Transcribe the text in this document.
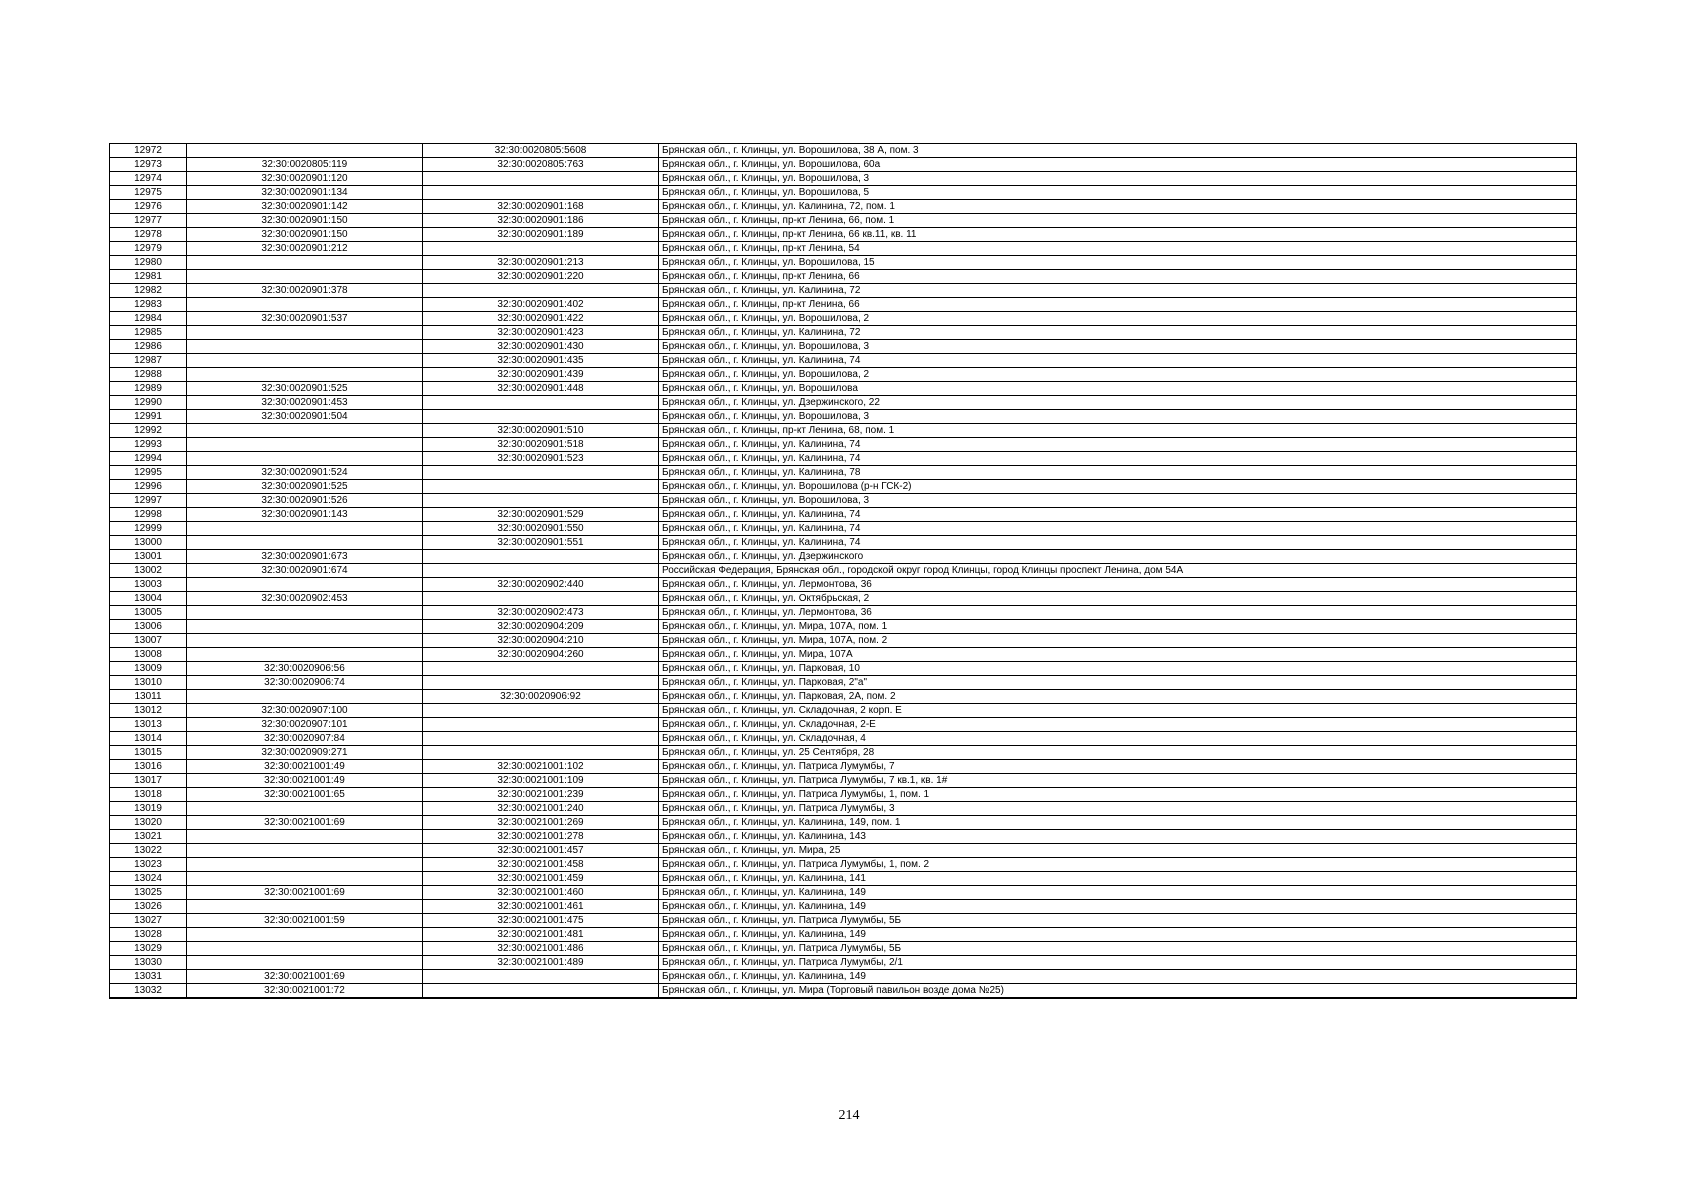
12972		32:30:0020805:5608	Брянская обл., г. Клинцы, ул. Ворошилова, 38 А, пом. 3
12973	32:30:0020805:119	32:30:0020805:763	Брянская обл., г. Клинцы, ул. Ворошилова, 60а
12974	32:30:0020901:120		Брянская обл., г. Клинцы, ул. Ворошилова, 3
12975	32:30:0020901:134		Брянская обл., г. Клинцы, ул. Ворошилова, 5
12976	32:30:0020901:142	32:30:0020901:168	Брянская обл., г. Клинцы, ул. Калинина, 72, пом. 1
12977	32:30:0020901:150	32:30:0020901:186	Брянская обл., г. Клинцы, пр-кт Ленина, 66, пом. 1
12978	32:30:0020901:150	32:30:0020901:189	Брянская обл., г. Клинцы, пр-кт Ленина, 66 кв.11, кв. 11
12979	32:30:0020901:212		Брянская обл., г. Клинцы, пр-кт Ленина, 54
12980		32:30:0020901:213	Брянская обл., г. Клинцы, ул. Ворошилова, 15
12981		32:30:0020901:220	Брянская обл., г. Клинцы, пр-кт Ленина, 66
12982	32:30:0020901:378		Брянская обл., г. Клинцы, ул. Калинина, 72
12983		32:30:0020901:402	Брянская обл., г. Клинцы, пр-кт Ленина, 66
12984	32:30:0020901:537	32:30:0020901:422	Брянская обл., г. Клинцы, ул. Ворошилова, 2
12985		32:30:0020901:423	Брянская обл., г. Клинцы, ул. Калинина, 72
12986		32:30:0020901:430	Брянская обл., г. Клинцы, ул. Ворошилова, 3
12987		32:30:0020901:435	Брянская обл., г. Клинцы, ул. Калинина, 74
12988		32:30:0020901:439	Брянская обл., г. Клинцы, ул. Ворошилова, 2
12989	32:30:0020901:525	32:30:0020901:448	Брянская обл., г. Клинцы, ул. Ворошилова
12990	32:30:0020901:453		Брянская обл., г. Клинцы, ул. Дзержинского, 22
12991	32:30:0020901:504		Брянская обл., г. Клинцы, ул. Ворошилова, 3
12992		32:30:0020901:510	Брянская обл., г. Клинцы, пр-кт Ленина, 68, пом. 1
12993		32:30:0020901:518	Брянская обл., г. Клинцы, ул. Калинина, 74
12994		32:30:0020901:523	Брянская обл., г. Клинцы, ул. Калинина, 74
12995	32:30:0020901:524		Брянская обл., г. Клинцы, ул. Калинина, 78
12996	32:30:0020901:525		Брянская обл., г. Клинцы, ул. Ворошилова (р-н ГСК-2)
12997	32:30:0020901:526		Брянская обл., г. Клинцы, ул. Ворошилова, 3
12998	32:30:0020901:143	32:30:0020901:529	Брянская обл., г. Клинцы, ул. Калинина, 74
12999		32:30:0020901:550	Брянская обл., г. Клинцы, ул. Калинина, 74
13000		32:30:0020901:551	Брянская обл., г. Клинцы, ул. Калинина, 74
13001	32:30:0020901:673		Брянская обл., г. Клинцы, ул. Дзержинского
13002	32:30:0020901:674		Российская Федерация, Брянская обл., городской округ город Клинцы, город Клинцы проспект Ленина, дом 54А
13003		32:30:0020902:440	Брянская обл., г. Клинцы, ул. Лермонтова, 36
13004	32:30:0020902:453		Брянская обл., г. Клинцы, ул. Октябрьская, 2
13005		32:30:0020902:473	Брянская обл., г. Клинцы, ул. Лермонтова, 36
13006		32:30:0020904:209	Брянская обл., г. Клинцы, ул. Мира, 107А, пом. 1
13007		32:30:0020904:210	Брянская обл., г. Клинцы, ул. Мира, 107А, пом. 2
13008		32:30:0020904:260	Брянская обл., г. Клинцы, ул. Мира, 107А
13009	32:30:0020906:56		Брянская обл., г. Клинцы, ул. Парковая, 10
13010	32:30:0020906:74		Брянская обл., г. Клинцы, ул. Парковая, 2"а"
13011		32:30:0020906:92	Брянская обл., г. Клинцы, ул. Парковая, 2А, пом. 2
13012	32:30:0020907:100		Брянская обл., г. Клинцы, ул. Складочная, 2 корп. Е
13013	32:30:0020907:101		Брянская обл., г. Клинцы, ул. Складочная, 2-Е
13014	32:30:0020907:84		Брянская обл., г. Клинцы, ул. Складочная, 4
13015	32:30:0020909:271		Брянская обл., г. Клинцы, ул. 25 Сентября, 28
13016	32:30:0021001:49	32:30:0021001:102	Брянская обл., г. Клинцы, ул. Патриса Лумумбы, 7
13017	32:30:0021001:49	32:30:0021001:109	Брянская обл., г. Клинцы, ул. Патриса Лумумбы, 7 кв.1, кв. 1#
13018	32:30:0021001:65	32:30:0021001:239	Брянская обл., г. Клинцы, ул. Патриса Лумумбы, 1, пом. 1
13019		32:30:0021001:240	Брянская обл., г. Клинцы, ул. Патриса Лумумбы, 3
13020	32:30:0021001:69	32:30:0021001:269	Брянская обл., г. Клинцы, ул. Калинина, 149, пом. 1
13021		32:30:0021001:278	Брянская обл., г. Клинцы, ул. Калинина, 143
13022		32:30:0021001:457	Брянская обл., г. Клинцы, ул. Мира, 25
13023		32:30:0021001:458	Брянская обл., г. Клинцы, ул. Патриса Лумумбы, 1, пом. 2
13024		32:30:0021001:459	Брянская обл., г. Клинцы, ул. Калинина, 141
13025	32:30:0021001:69	32:30:0021001:460	Брянская обл., г. Клинцы, ул. Калинина, 149
13026		32:30:0021001:461	Брянская обл., г. Клинцы, ул. Калинина, 149
13027	32:30:0021001:59	32:30:0021001:475	Брянская обл., г. Клинцы, ул. Патриса Лумумбы, 5Б
13028		32:30:0021001:481	Брянская обл., г. Клинцы, ул. Калинина, 149
13029		32:30:0021001:486	Брянская обл., г. Клинцы, ул. Патриса Лумумбы, 5Б
13030		32:30:0021001:489	Брянская обл., г. Клинцы, ул. Патриса Лумумбы, 2/1
13031	32:30:0021001:69		Брянская обл., г. Клинцы, ул. Калинина, 149
13032	32:30:0021001:72		Брянская обл., г. Клинцы, ул. Мира (Торговый павильон возде дома №25)
214
